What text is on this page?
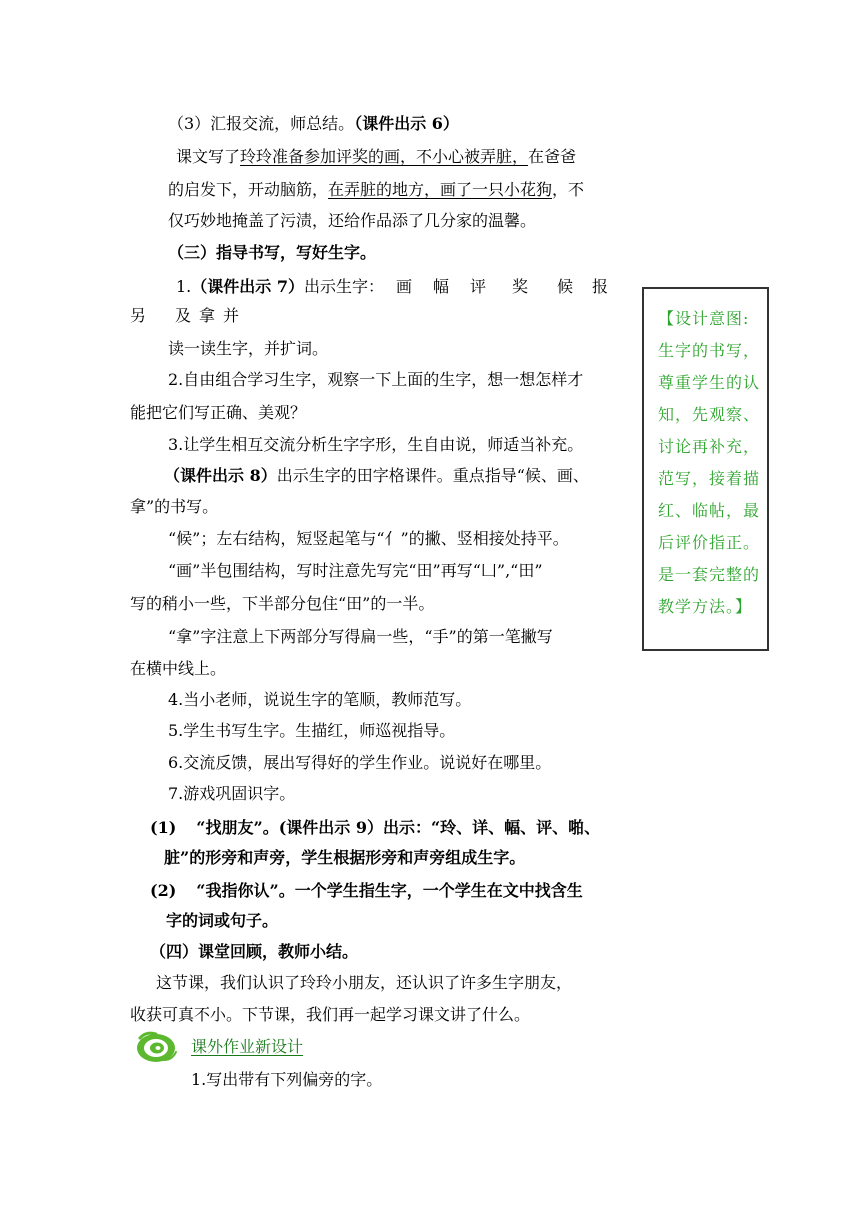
（3）汇报交流，师总结。（课件出示 6）
课文写了玲玲准备参加评奖的画，不小心被弄脏，在爸爸
的启发下，开动脑筋，在弄脏的地方，画了一只小花狗，不
仅巧妙地掩盖了污渍，还给作品添了几分家的温馨。
（三）指导书写，写好生字。
1.（课件出示 7）出示生字： 画 幅 评 奖 候 报
另 及 拿 并
读一读生字，并扩词。
2.自由组合学习生字，观察一下上面的生字，想一想怎样才
能把它们写正确、美观？
3.让学生相互交流分析生字字形，生自由说，师适当补充。
（课件出示 8）出示生字的田字格课件。重点指导“候、画、
拿”的书写。
“候”；左右结构，短竖起笔与“亻”的撇、竖相接处持平。
“画”半包围结构，写时注意先写完“田”再写“凵”,“田”
写的稍小一些，下半部分包住“田”的一半。
“拿”字注意上下两部分写得扁一些，“手”的第一笔撇写
在横中线上。
4.当小老师，说说生字的笔顺，教师范写。
5.学生书写生字。生描红，师巡视指导。
6.交流反馈，展出写得好的学生作业。说说好在哪里。
7.游戏巩固识字。
(1) “找朋友”。(课件出示 9）出示：“玲、详、幅、评、啪、
脏”的形旁和声旁，学生根据形旁和声旁组成生字。
(2) “我指你认”。一个学生指生字，一个学生在文中找含生
字的词或句子。
（四）课堂回顾，教师小结。
这节课，我们认识了玲玲小朋友，还认识了许多生字朋友，
收获可真不小。下节课，我们再一起学习课文讲了什么。
课外作业新设计
1.写出带有下列偏旁的字。
【设计意图:
生字的书写，
尊重学生的认
知，先观察、
讨论再补充，
范写，接着描
红、临帖，最
后评价指正。
是一套完整的
教学方法。】
